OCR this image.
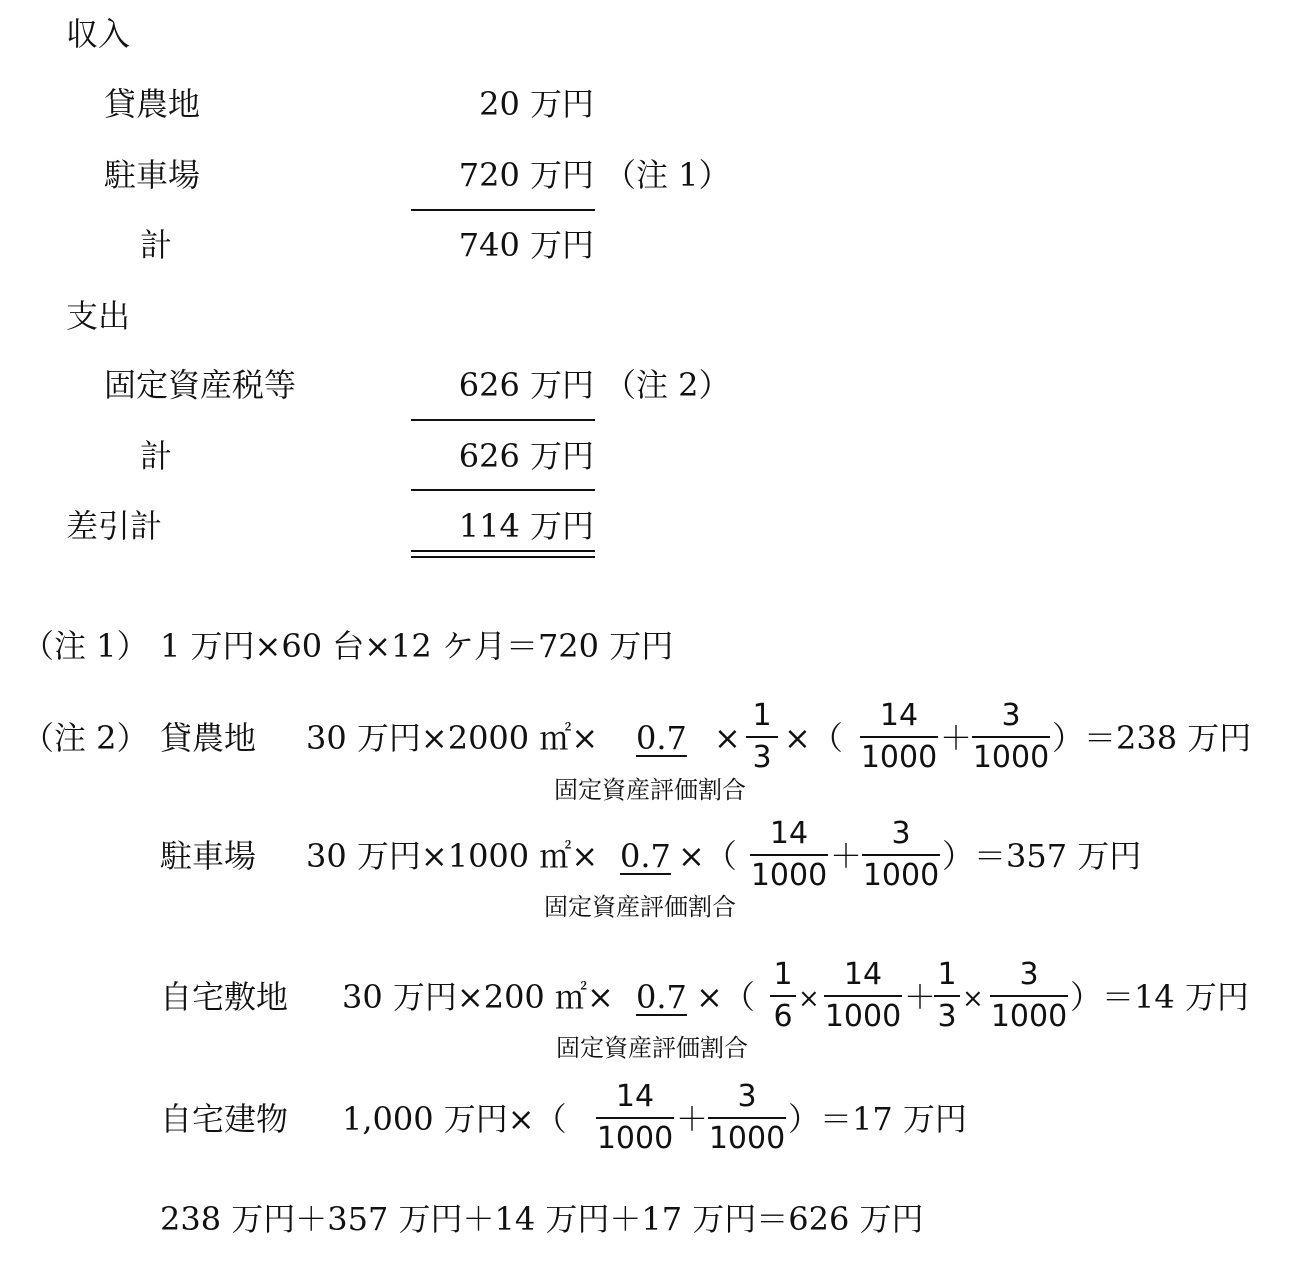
収入
貸農地	20 万円
駐車場	720 万円 （注 1）
計	740 万円
支出
固定資産税等	626 万円 （注 2）
計	626 万円
差引計	114 万円
（注 1） 1 万円×60 台×12 ケ月＝720 万円
（注 2） 貸農地 30 万円×2000 ㎡× 0.7 ×
1
3
×（
14
1000
＋
3
1000
）＝238 万円
固定資産評価割合
駐車場 30 万円×1000 ㎡× 0.7 ×（
14
1000
＋
3
1000
）＝357 万円
固定資産評価割合
自宅敷地 30 万円×200 ㎡× 0.7 ×（
1
6 ×
14
1000
＋
1
3 ×
3
1000
）＝14 万円
固定資産評価割合
自宅建物 1,000 万円×（
14
1000
＋
3
1000
）＝17 万円
238 万円＋357 万円＋14 万円＋17 万円＝626 万円
